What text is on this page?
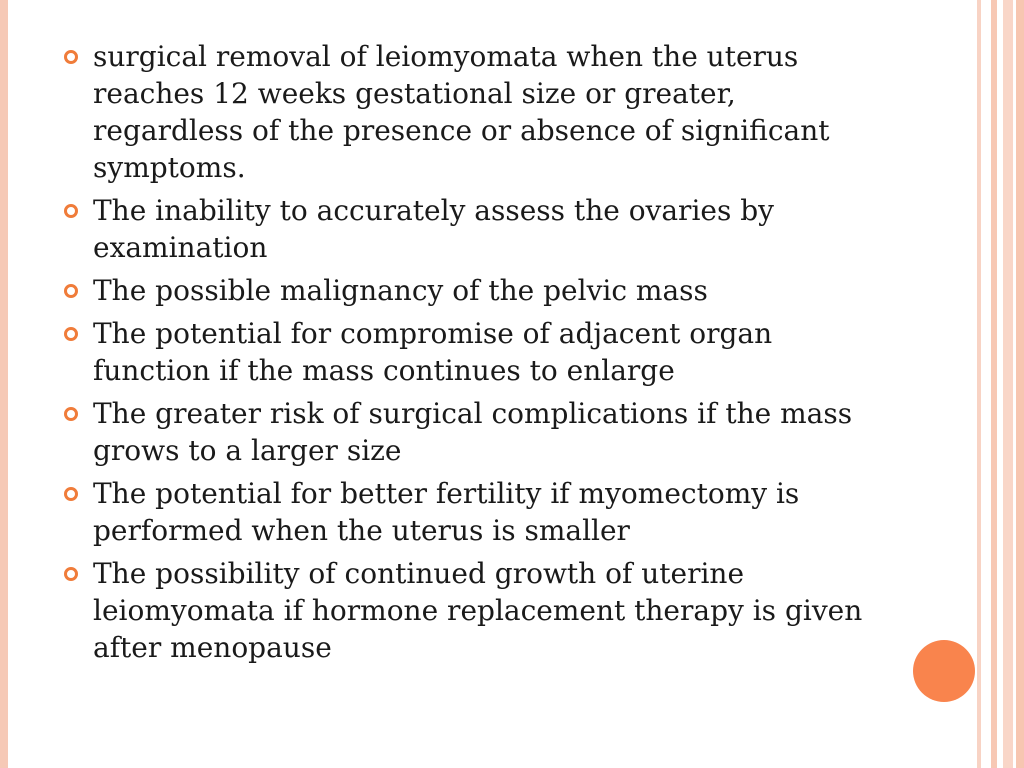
surgical removal of leiomyomata when the uterus reaches 12 weeks gestational size or greater, regardless of the presence or absence of significant symptoms.
The inability to accurately assess the ovaries by examination
The possible malignancy of the pelvic mass
The potential for compromise of adjacent organ function if the mass continues to enlarge
The greater risk of surgical complications if the mass grows to a larger size
The potential for better fertility if myomectomy is performed when the uterus is smaller
The possibility of continued growth of uterine leiomyomata if hormone replacement therapy is given after menopause
